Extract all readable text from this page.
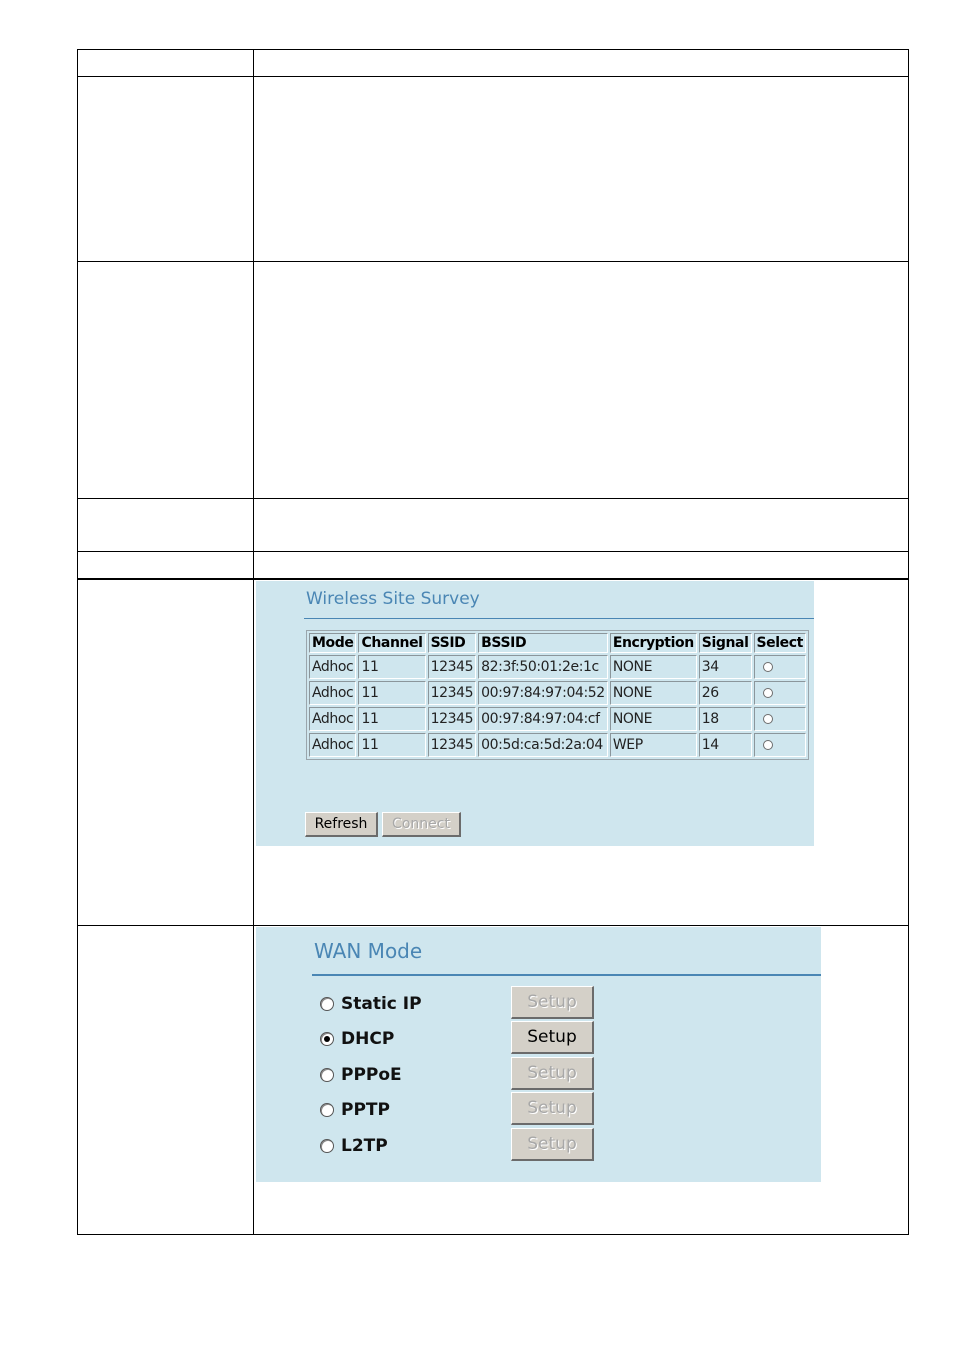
Wireless Site Survey
Mode	Channel	SSID	BSSID	Encryption	Signal	Select
Adhoc	11	12345	82:3f:50:01:2e:1c	NONE	34	
Adhoc	11	12345	00:97:84:97:04:52	NONE	26	
Adhoc	11	12345	00:97:84:97:04:cf	NONE	18	
Adhoc	11	12345	00:5d:ca:5d:2a:04	WEP	14	
Refresh	Connect
WAN Mode
Static IP	Setup
DHCP	Setup
PPPoE	Setup
PPTP	Setup
L2TP	Setup
